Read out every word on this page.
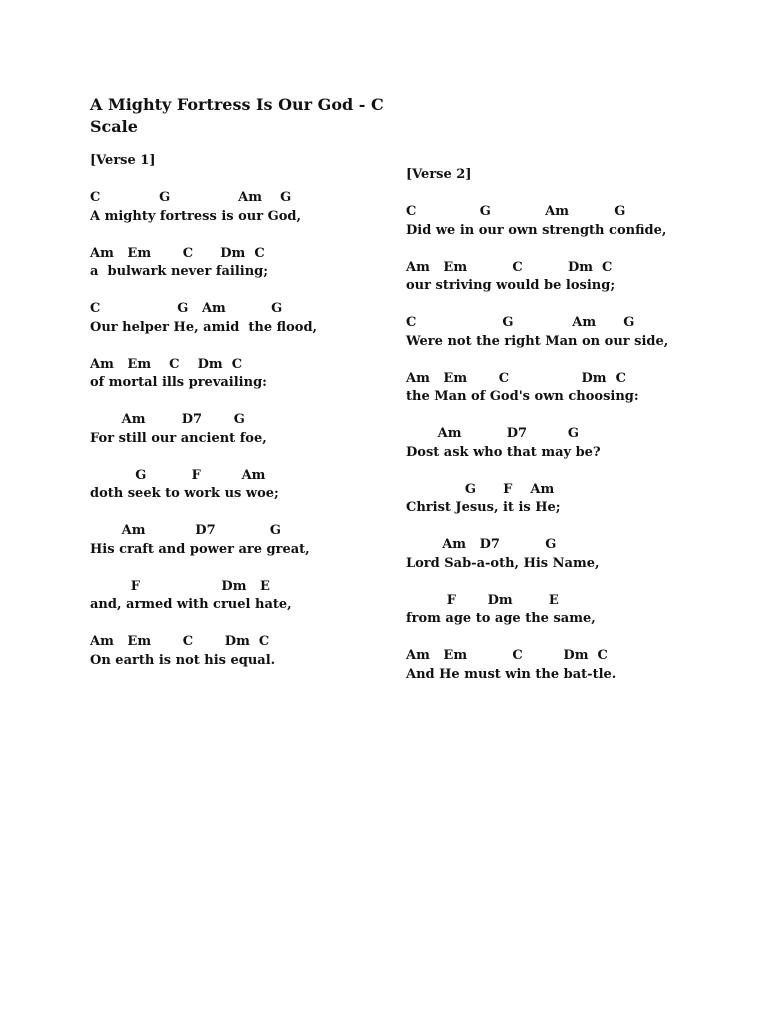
A Mighty Fortress Is Our God - C Scale
[Verse 1]
C             G               Am    G
A mighty fortress is our God,
Am   Em       C      Dm  C
a  bulwark never failing;
C                 G   Am          G
Our helper He, amid  the flood,
Am   Em    C    Dm  C
of mortal ills prevailing:
Am        D7       G
For still our ancient foe,
G          F         Am
doth seek to work us woe;
Am           D7            G
His craft and power are great,
F                  Dm   E
and, armed with cruel hate,
Am   Em       C       Dm  C
On earth is not his equal.
[Verse 2]
C              G            Am          G
Did we in our own strength confide,
Am   Em          C          Dm  C
our striving would be losing;
C                   G             Am      G
Were not the right Man on our side,
Am   Em       C                Dm  C
the Man of God's own choosing:
Am          D7         G
Dost ask who that may be?
G      F    Am
Christ Jesus, it is He;
Am   D7          G
Lord Sab-a-oth, His Name,
F       Dm        E
from age to age the same,
Am   Em          C         Dm  C
And He must win the bat-tle.
